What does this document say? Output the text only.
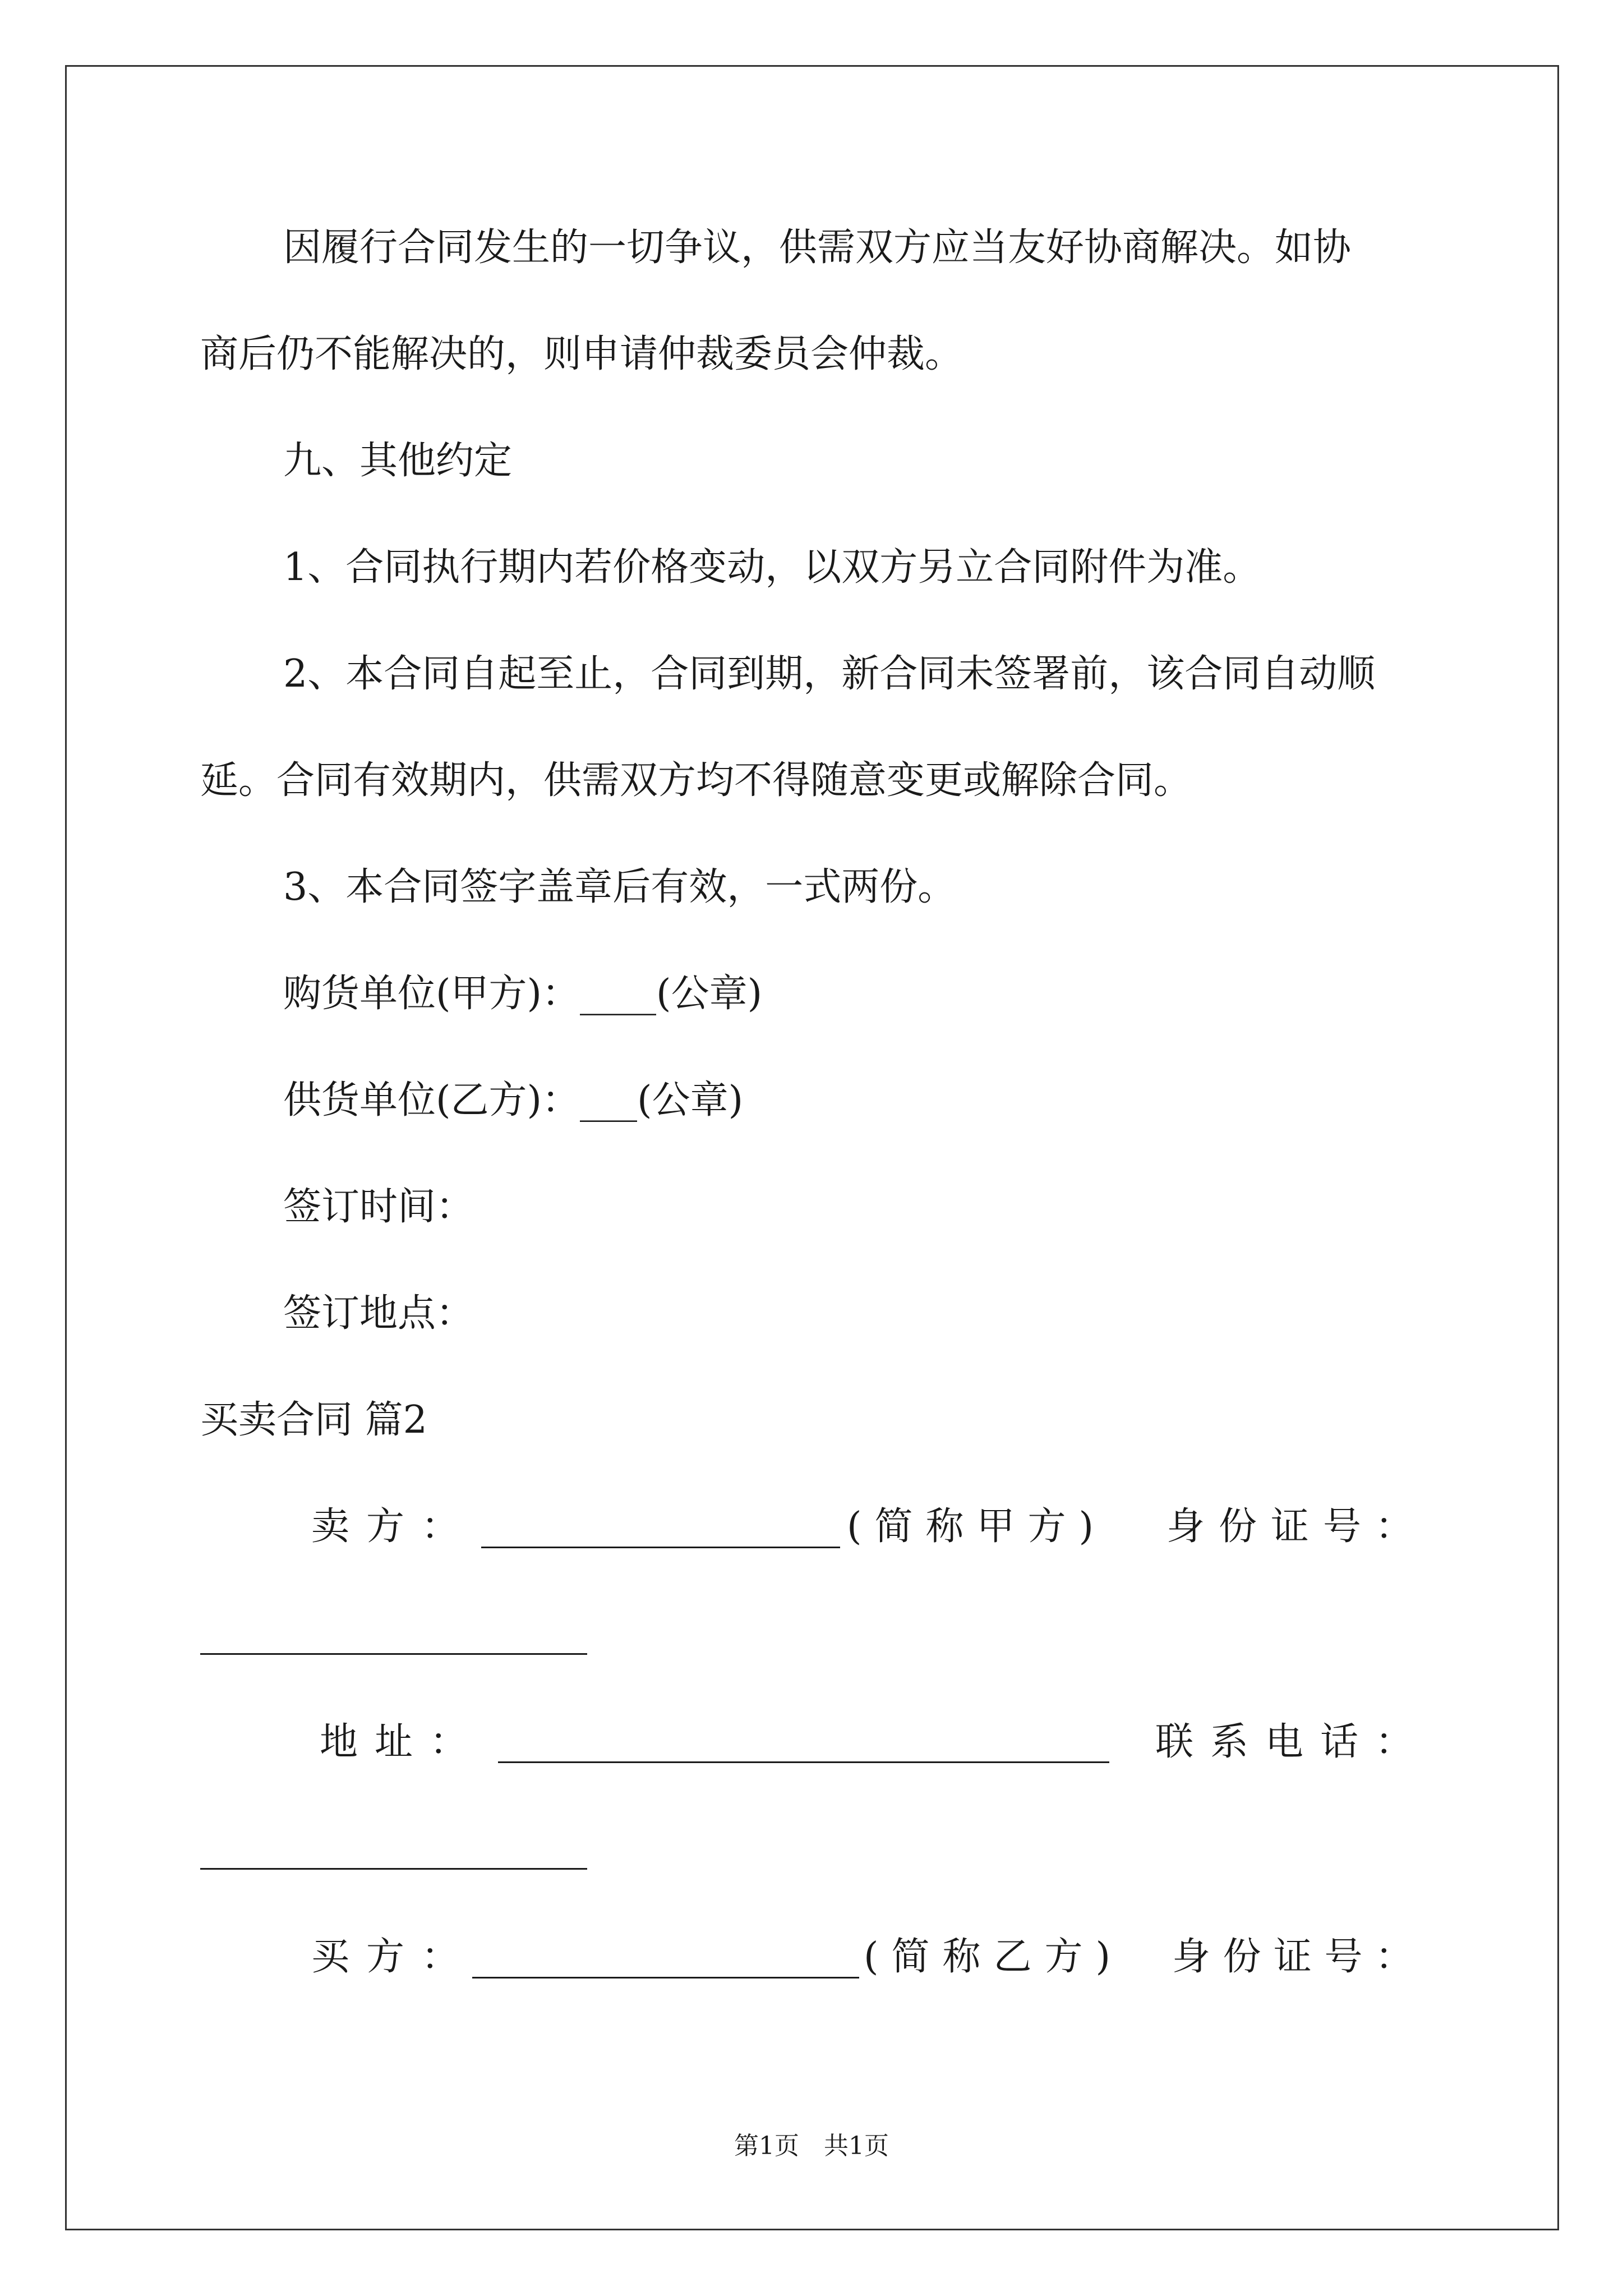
因履行合同发生的一切争议，供需双方应当友好协商解决。如协
商后仍不能解决的，则申请仲裁委员会仲裁。
九、其他约定
1、合同执行期内若价格变动，以双方另立合同附件为准。
2、本合同自起至止，合同到期，新合同未签署前，该合同自动顺
延。合同有效期内，供需双方均不得随意变更或解除合同。
3、本合同签字盖章后有效，一式两份。
购货单位(甲方)：____(公章)
供货单位(乙方)：___(公章)
签订时间：
签订地点：
买卖合同 篇2
卖方：	(简称甲方) 身份证号：
地址：	联系电话：
买方：	(简称乙方) 身份证号：
第1页　共1页
